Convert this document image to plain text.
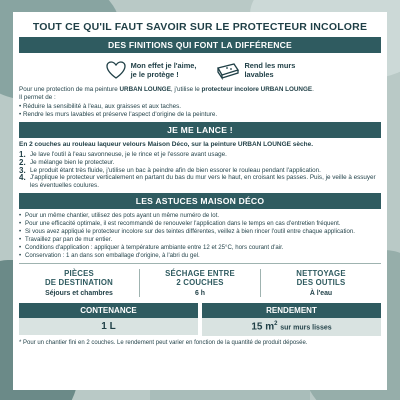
TOUT CE QU'IL FAUT SAVOIR SUR LE PROTECTEUR INCOLORE
DES FINITIONS QUI FONT LA DIFFÉRENCE
Mon effet je l'aime,
je le protège !
Rend les murs
lavables
Pour une protection de ma peinture URBAN LOUNGE, j'utilise le protecteur incolore URBAN LOUNGE.
Il permet de :
• Réduire la sensibilité à l'eau, aux graisses et aux taches.
• Rendre les murs lavables et préserve l'aspect d'origine de la peinture.
JE ME LANCE !
En 2 couches au rouleau laqueur velours Maison Déco, sur la peinture URBAN LOUNGE sèche.
1. Je lave l'outil à l'eau savonneuse, je le rince et je l'essore avant usage.
2. Je mélange bien le protecteur.
3. Le produit étant très fluide, j'utilise un bac à peindre afin de bien essorer le rouleau pendant l'application.
4. J'applique le protecteur verticalement en partant du bas du mur vers le haut, en croisant les passes. Puis, je veille à essuyer les éventuelles coulures.
LES ASTUCES MAISON DÉCO
• Pour un même chantier, utilisez des pots ayant un même numéro de lot.
• Pour une efficacité optimale, il est recommandé de renouveler l'application dans le temps en cas d'entretien fréquent.
• Si vous avez appliqué le protecteur incolore sur des teintes différentes, veillez à bien rincer l'outil entre chaque application.
• Travaillez par pan de mur entier.
• Conditions d'application : appliquer à température ambiante entre 12 et 25°C, hors courant d'air.
• Conservation : 1 an dans son emballage d'origine, à l'abri du gel.
PIÈCES
DE DESTINATION
Séjours et chambres
SÉCHAGE ENTRE
2 COUCHES
6 h
NETTOYAGE
DES OUTILS
À l'eau
CONTENANCE
1 L
RENDEMENT
15 $m^2$ sur murs lisses
* Pour un chantier fini en 2 couches. Le rendement peut varier en fonction de la quantité de produit déposée.
